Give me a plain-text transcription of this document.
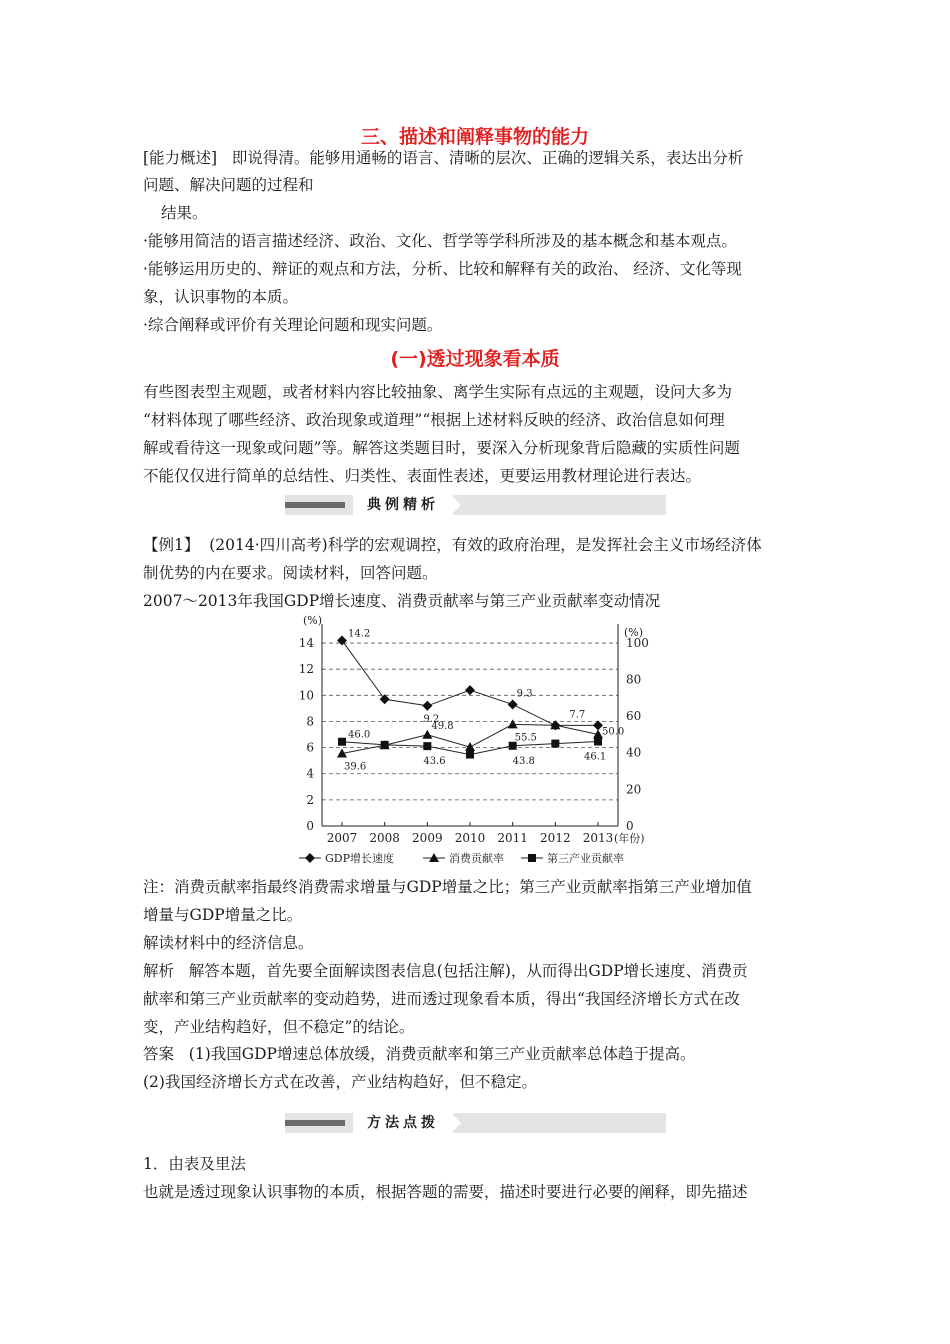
三、描述和阐释事物的能力
[能力概述] 即说得清。能够用通畅的语言、清晰的层次、正确的逻辑关系，表达出分析
问题、解决问题的过程和
结果。
·能够用简洁的语言描述经济、政治、文化、哲学等学科所涉及的基本概念和基本观点。
·能够运用历史的、辩证的观点和方法，分析、比较和解释有关的政治、 经济、文化等现
象，认识事物的本质。
·综合阐释或评价有关理论问题和现实问题。
(一)透过现象看本质
有些图表型主观题，或者材料内容比较抽象、离学生实际有点远的主观题，设问大多为
“材料体现了哪些经济、政治现象或道理”“根据上述材料反映的经济、政治信息如何理
解或看待这一现象或问题”等。解答这类题目时，要深入分析现象背后隐藏的实质性问题
不能仅仅进行简单的总结性、归类性、表面性表述，更要运用教材理论进行表达。
典例精析
【例1】 (2014·四川高考)科学的宏观调控，有效的政府治理，是发挥社会主义市场经济体
制优势的内在要求。阅读材料，回答问题。
2007～2013年我国GDP增长速度、消费贡献率与第三产业贡献率变动情况
0
2
4
6
8
10
12
14
0
20
40
60
80
100
(%)
(%)
2007 2008 2009 2010 2011 2012 2013 (年份)
14.2
9.2
9.3
7.7
46.0
39.6
49.8
43.6
55.5
43.8
50.0
46.1
GDP增长速度	消费贡献率	第三产业贡献率
注：消费贡献率指最终消费需求增量与GDP增量之比；第三产业贡献率指第三产业增加值
增量与GDP增量之比。
解读材料中的经济信息。
解析 解答本题，首先要全面解读图表信息(包括注解)，从而得出GDP增长速度、消费贡
献率和第三产业贡献率的变动趋势，进而透过现象看本质，得出“我国经济增长方式在改
变，产业结构趋好，但不稳定”的结论。
答案 (1)我国GDP增速总体放缓，消费贡献率和第三产业贡献率总体趋于提高。
(2)我国经济增长方式在改善，产业结构趋好，但不稳定。
方法点拨
1．由表及里法
也就是透过现象认识事物的本质，根据答题的需要，描述时要进行必要的阐释，即先描述
